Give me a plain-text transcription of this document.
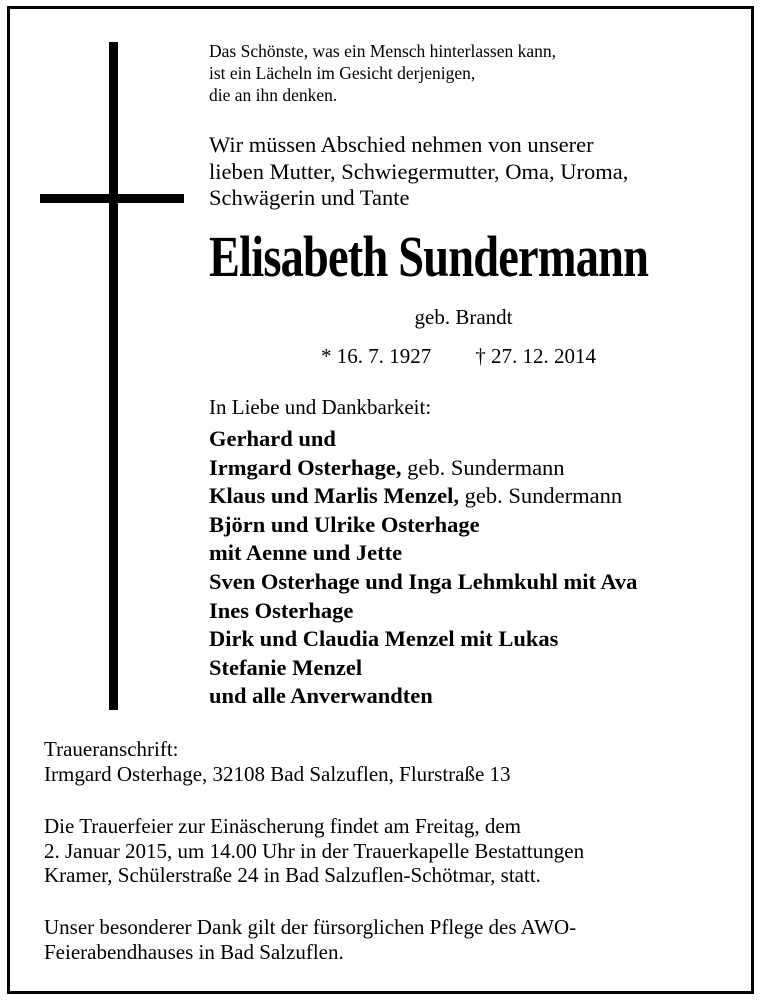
Das Schönste, was ein Mensch hinterlassen kann,
ist ein Lächeln im Gesicht derjenigen,
die an ihn denken.
Wir müssen Abschied nehmen von unserer
lieben Mutter, Schwiegermutter, Oma, Uroma,
Schwägerin und Tante
Elisabeth Sundermann
geb. Brandt
* 16. 7. 1927 † 27. 12. 2014
In Liebe und Dankbarkeit:
Gerhard und
Irmgard Osterhage, geb. Sundermann
Klaus und Marlis Menzel, geb. Sundermann
Björn und Ulrike Osterhage
mit Aenne und Jette
Sven Osterhage und Inga Lehmkuhl mit Ava
Ines Osterhage
Dirk und Claudia Menzel mit Lukas
Stefanie Menzel
und alle Anverwandten
Traueranschrift:
Irmgard Osterhage, 32108 Bad Salzuflen, Flurstraße 13
Die Trauerfeier zur Einäscherung findet am Freitag, dem
2. Januar 2015, um 14.00 Uhr in der Trauerkapelle Bestattungen
Kramer, Schülerstraße 24 in Bad Salzuflen-Schötmar, statt.
Unser besonderer Dank gilt der fürsorglichen Pflege des AWO-
Feierabendhauses in Bad Salzuflen.
